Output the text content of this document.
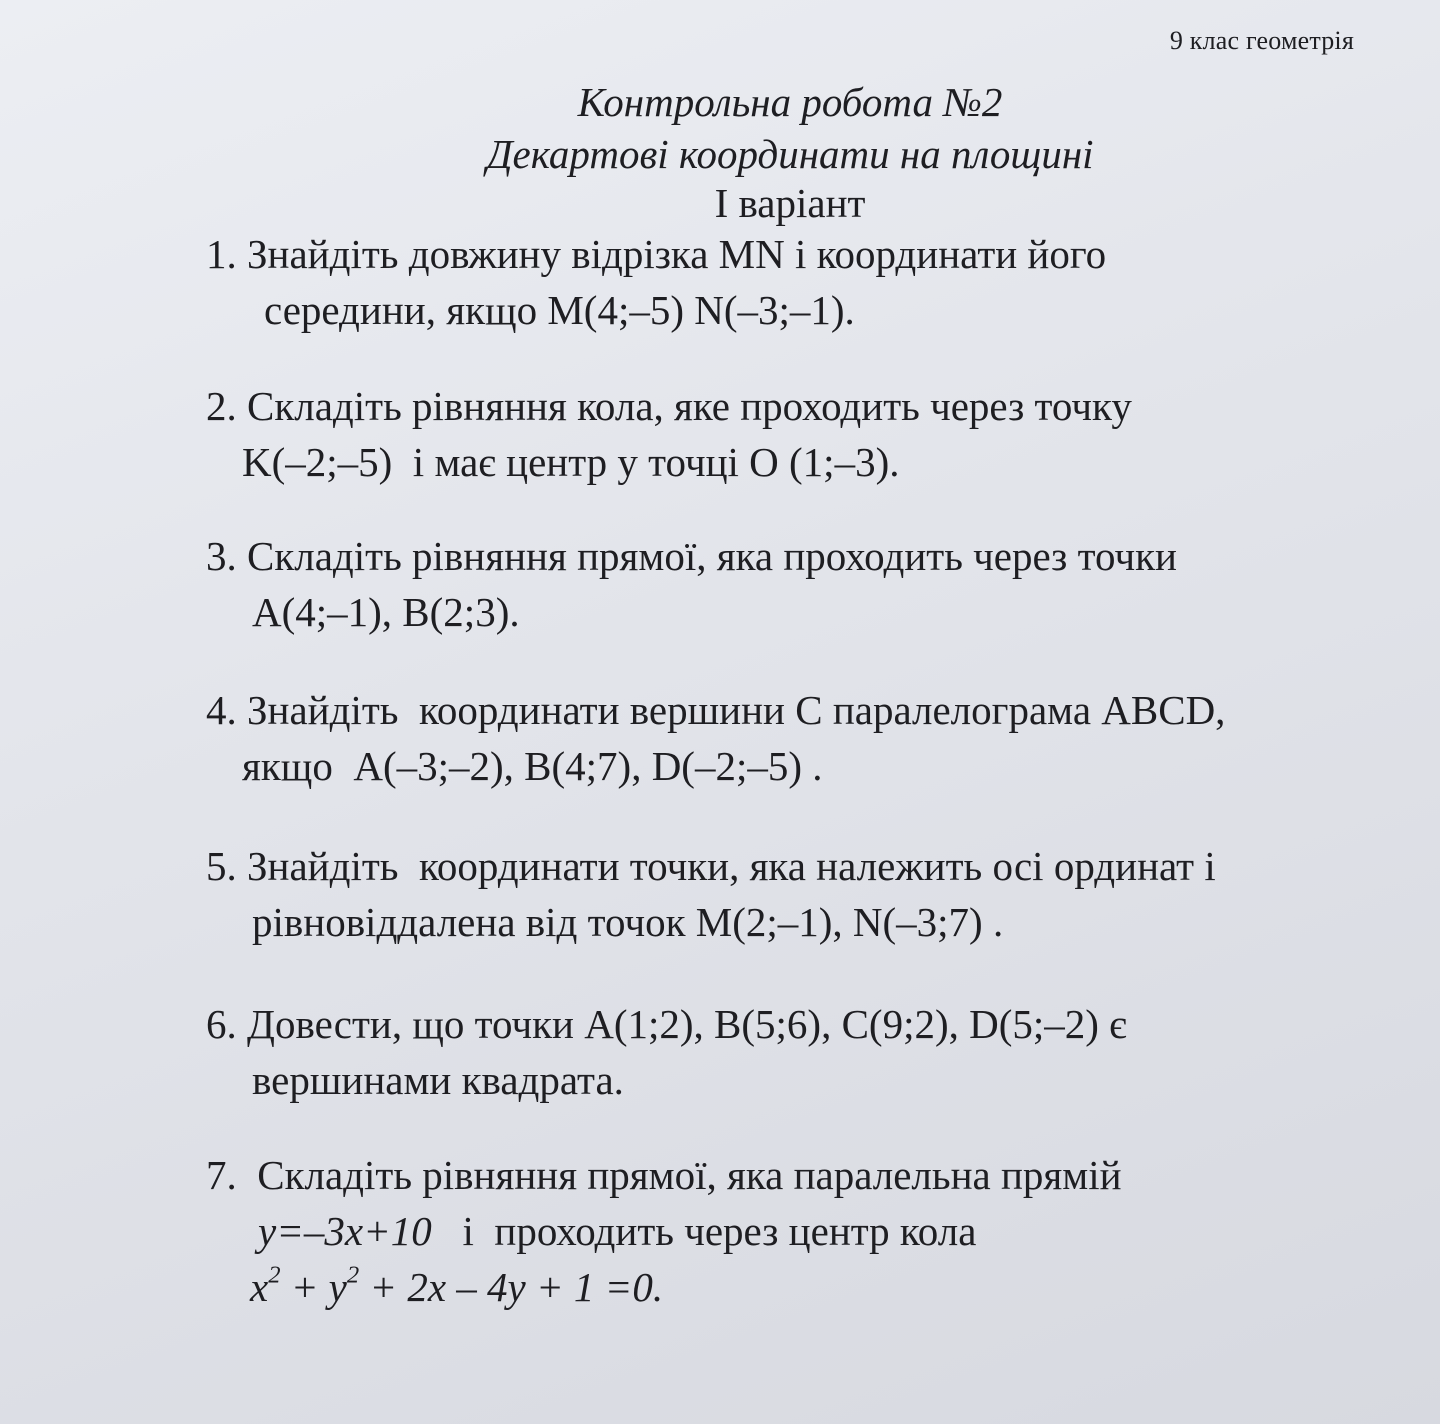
9 клас геометрія
Контрольна робота №2
Декартові координати на площині
І варіант
1. Знайдіть довжину відрізка MN і координати його
середини, якщо M(4;–5) N(–3;–1).
2. Складіть рівняння кола, яке проходить через точку
K(–2;–5)  і має центр у точці O (1;–3).
3. Складіть рівняння прямої, яка проходить через точки
A(4;–1), B(2;3).
4. Знайдіть  координати вершини C паралелограма ABCD,
якщо  A(–3;–2), B(4;7), D(–2;–5) .
5. Знайдіть  координати точки, яка належить осі ординат і
рівновіддалена від точок M(2;–1), N(–3;7) .
6. Довести, що точки A(1;2), B(5;6), C(9;2), D(5;–2) є
вершинами квадрата.
7. Складіть рівняння прямої, яка паралельна прямій
y=–3x+10 і  проходить через центр кола
$x^2 + y^2 + 2x - 4y + 1 =0$.
